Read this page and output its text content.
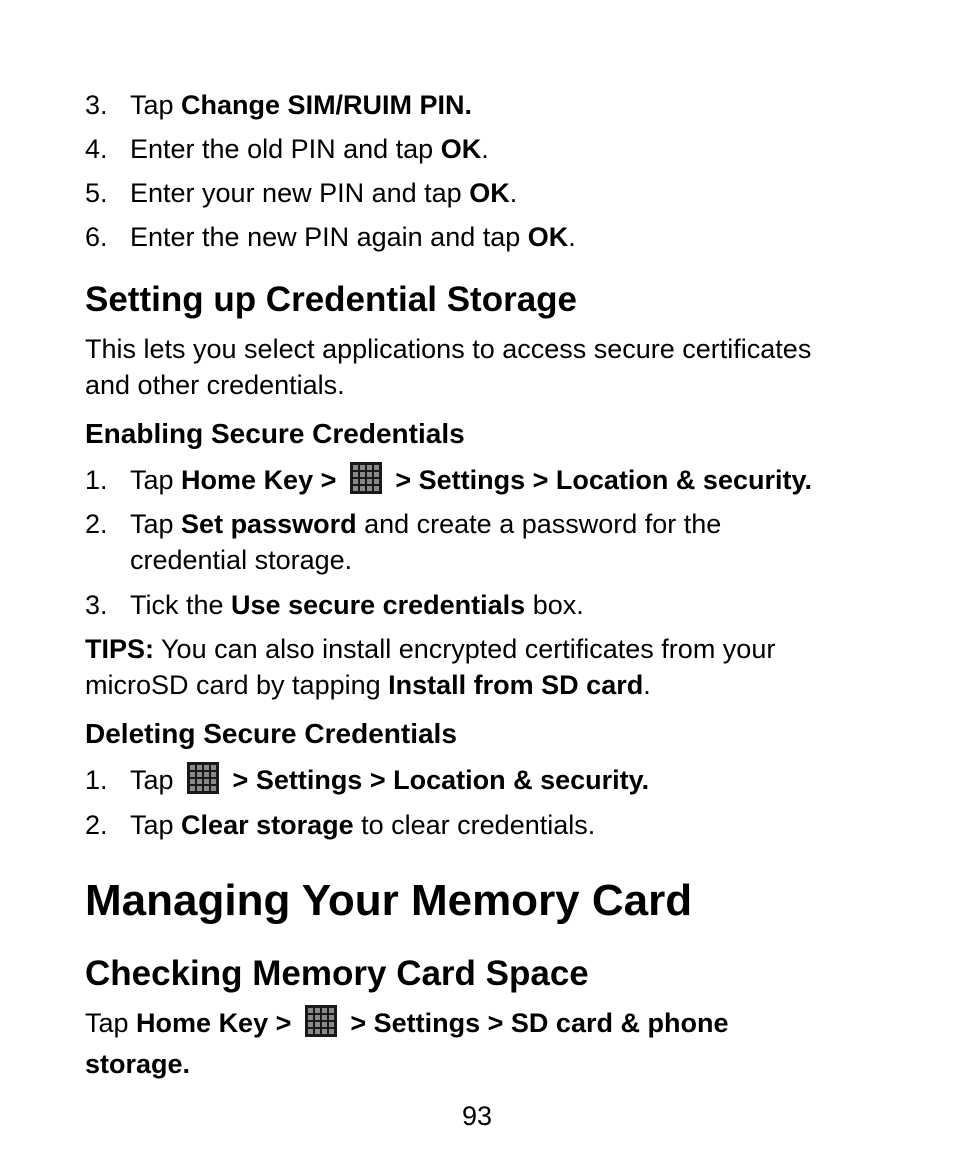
3. Tap Change SIM/RUIM PIN.
4. Enter the old PIN and tap OK.
5. Enter your new PIN and tap OK.
6. Enter the new PIN again and tap OK.
Setting up Credential Storage
This lets you select applications to access secure certificates
and other credentials.
Enabling Secure Credentials
1. Tap Home Key >  > Settings > Location & security.
2. Tap Set password and create a password for the
credential storage.
3. Tick the Use secure credentials box.
TIPS: You can also install encrypted certificates from your
microSD card by tapping Install from SD card.
Deleting Secure Credentials
1. Tap  > Settings > Location & security.
2. Tap Clear storage to clear credentials.
Managing Your Memory Card
Checking Memory Card Space
Tap Home Key >  > Settings > SD card & phone
storage.
93
